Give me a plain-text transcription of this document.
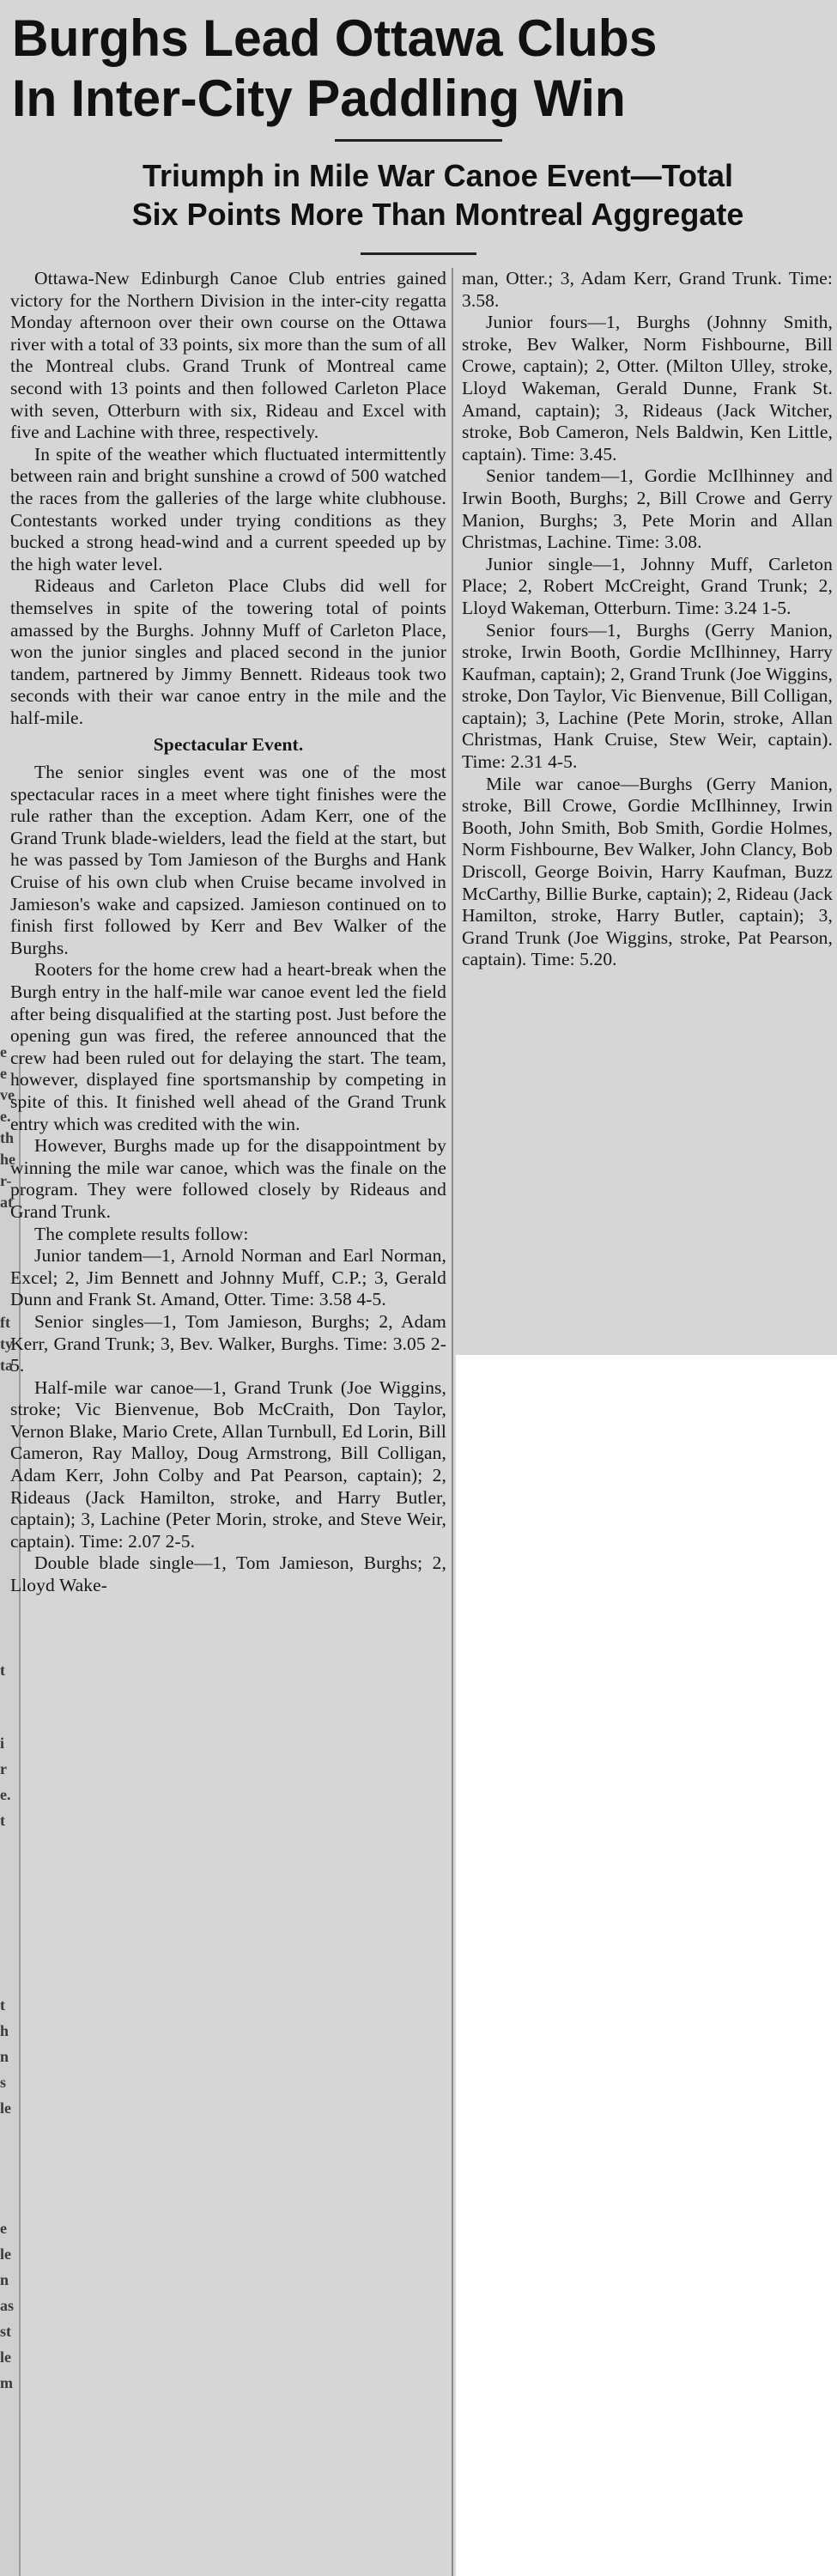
Burghs Lead Ottawa Clubs
In Inter-City Paddling Win
Triumph in Mile War Canoe Event—Total
Six Points More Than Montreal Aggregate

Ottawa-New Edinburgh Canoe Club entries gained victory for the Northern Division in the inter-city regatta Monday afternoon over their own course on the Ottawa river with a total of 33 points, six more than the sum of all the Montreal clubs. Grand Trunk of Montreal came second with 13 points and then followed Carleton Place with seven, Otterburn with six, Rideau and Excel with five and Lachine with three, respectively.

In spite of the weather which fluctuated intermittently between rain and bright sunshine a crowd of 500 watched the races from the galleries of the large white clubhouse. Contestants worked under trying conditions as they bucked a strong head-wind and a current speeded up by the high water level.

Rideaus and Carleton Place Clubs did well for themselves in spite of the towering total of points amassed by the Burghs. Johnny Muff of Carleton Place, won the junior singles and placed second in the junior tandem, partnered by Jimmy Bennett. Rideaus took two seconds with their war canoe entry in the mile and the half-mile.

Spectacular Event.

The senior singles event was one of the most spectacular races in a meet where tight finishes were the rule rather than the exception. Adam Kerr, one of the Grand Trunk blade-wielders, lead the field at the start, but he was passed by Tom Jamieson of the Burghs and Hank Cruise of his own club when Cruise became involved in Jamieson's wake and capsized. Jamieson continued on to finish first followed by Kerr and Bev Walker of the Burghs.

Rooters for the home crew had a heart-break when the Burgh entry in the half-mile war canoe event led the field after being disqualified at the starting post. Just before the opening gun was fired, the referee announced that the crew had been ruled out for delaying the start. The team, however, displayed fine sportsmanship by competing in spite of this. It finished well ahead of the Grand Trunk entry which was credited with the win.

However, Burghs made up for the disappointment by winning the mile war canoe, which was the finale on the program. They were followed closely by Rideaus and Grand Trunk.

The complete results follow:

Junior tandem—1, Arnold Norman and Earl Norman, Excel; 2, Jim Bennett and Johnny Muff, C.P.; 3, Gerald Dunn and Frank St. Amand, Otter. Time: 3.58 4-5.

Senior singles—1, Tom Jamieson, Burghs; 2, Adam Kerr, Grand Trunk; 3, Bev. Walker, Burghs. Time: 3.05 2-5.

Half-mile war canoe—1, Grand Trunk (Joe Wiggins, stroke; Vic Bienvenue, Bob McCraith, Don Taylor, Vernon Blake, Mario Crete, Allan Turnbull, Ed Lorin, Bill Cameron, Ray Malloy, Doug Armstrong, Bill Colligan, Adam Kerr, John Colby and Pat Pearson, captain); 2, Rideaus (Jack Hamilton, stroke, and Harry Butler, captain); 3, Lachine (Peter Morin, stroke, and Steve Weir, captain). Time: 2.07 2-5.

Double blade single—1, Tom Jamieson, Burghs; 2, Lloyd Wake-

man, Otter.; 3, Adam Kerr, Grand Trunk. Time: 3.58.

Junior fours—1, Burghs (Johnny Smith, stroke, Bev Walker, Norm Fishbourne, Bill Crowe, captain); 2, Otter. (Milton Ulley, stroke, Lloyd Wakeman, Gerald Dunne, Frank St. Amand, captain); 3, Rideaus (Jack Witcher, stroke, Bob Cameron, Nels Baldwin, Ken Little, captain). Time: 3.45.

Senior tandem—1, Gordie McIlhinney and Irwin Booth, Burghs; 2, Bill Crowe and Gerry Manion, Burghs; 3, Pete Morin and Allan Christmas, Lachine. Time: 3.08.

Junior single—1, Johnny Muff, Carleton Place; 2, Robert McCreight, Grand Trunk; 2, Lloyd Wakeman, Otterburn. Time: 3.24 1-5.

Senior fours—1, Burghs (Gerry Manion, stroke, Irwin Booth, Gordie McIlhinney, Harry Kaufman, captain); 2, Grand Trunk (Joe Wiggins, stroke, Don Taylor, Vic Bienvenue, Bill Colligan, captain); 3, Lachine (Pete Morin, stroke, Allan Christmas, Hank Cruise, Stew Weir, captain). Time: 2.31 4-5.

Mile war canoe—Burghs (Gerry Manion, stroke, Bill Crowe, Gordie McIlhinney, Irwin Booth, John Smith, Bob Smith, Gordie Holmes, Norm Fishbourne, Bev Walker, John Clancy, Bob Driscoll, George Boivin, Harry Kaufman, Buzz McCarthy, Billie Burke, captain); 2, Rideau (Jack Hamilton, stroke, Harry Butler, captain); 3, Grand Trunk (Joe Wiggins, stroke, Pat Pearson, captain). Time: 5.20.

e
e
ve
e.
th
he
r-
at
ft
ty
ta
t
i
r
e.
t
t
h
n
s
le
e
le
n
as
st
le
m
